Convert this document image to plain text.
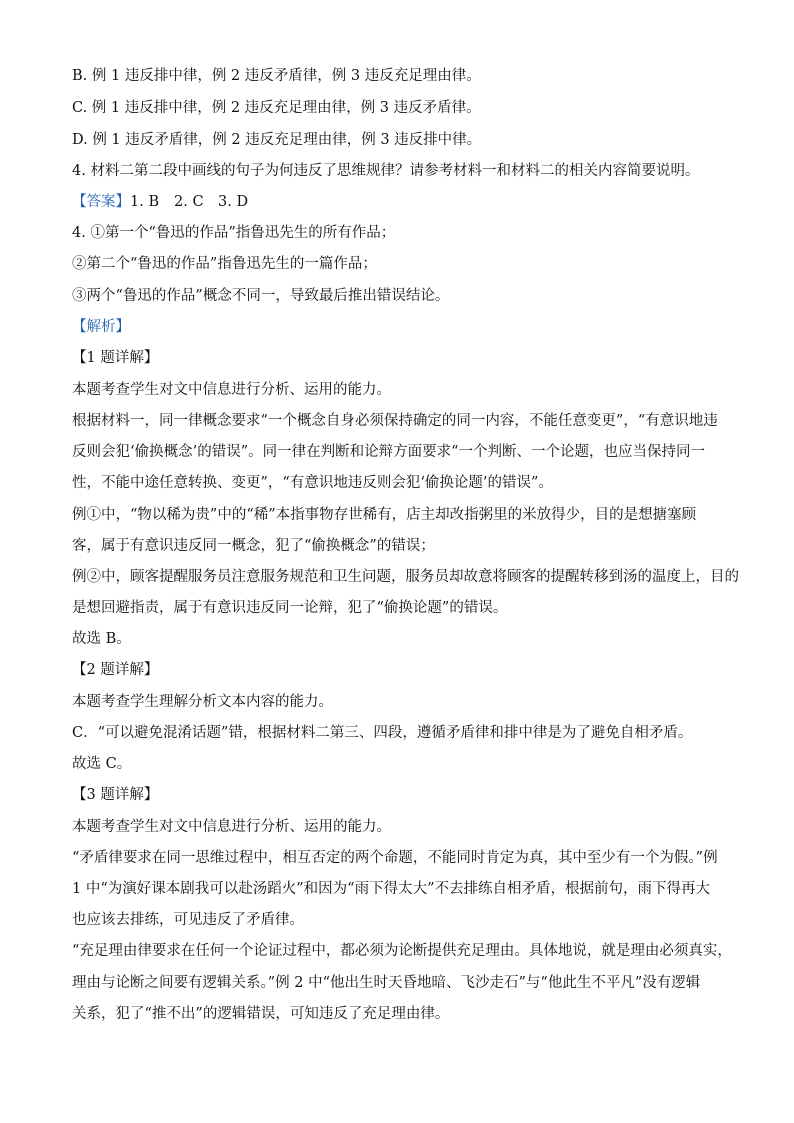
B. 例 1 违反排中律，例 2 违反矛盾律，例 3 违反充足理由律。
C. 例 1 违反排中律，例 2 违反充足理由律，例 3 违反矛盾律。
D. 例 1 违反矛盾律，例 2 违反充足理由律，例 3 违反排中律。
4. 材料二第二段中画线的句子为何违反了思维规律？请参考材料一和材料二的相关内容简要说明。
【答案】1. B 2. C 3. D
4. ①第一个“鲁迅的作品”指鲁迅先生的所有作品；
②第二个“鲁迅的作品”指鲁迅先生的一篇作品；
③两个“鲁迅的作品”概念不同一，导致最后推出错误结论。
【解析】
【1 题详解】
本题考查学生对文中信息进行分析、运用的能力。
根据材料一，同一律概念要求“一个概念自身必须保持确定的同一内容，不能任意变更”，“有意识地违
反则会犯‘偷换概念’的错误”。同一律在判断和论辩方面要求“一个判断、一个论题，也应当保持同一
性，不能中途任意转换、变更”，“有意识地违反则会犯‘偷换论题’的错误”。
例①中，“物以稀为贵”中的“稀”本指事物存世稀有，店主却改指粥里的米放得少，目的是想搪塞顾
客，属于有意识违反同一概念，犯了“偷换概念”的错误；
例②中，顾客提醒服务员注意服务规范和卫生问题，服务员却故意将顾客的提醒转移到汤的温度上，目的
是想回避指责，属于有意识违反同一论辩，犯了“偷换论题”的错误。
故选 B。
【2 题详解】
本题考查学生理解分析文本内容的能力。
C．“可以避免混淆话题”错，根据材料二第三、四段，遵循矛盾律和排中律是为了避免自相矛盾。
故选 C。
【3 题详解】
本题考查学生对文中信息进行分析、运用的能力。
“矛盾律要求在同一思维过程中，相互否定的两个命题，不能同时肯定为真，其中至少有一个为假。”例
1 中“为演好课本剧我可以赴汤蹈火”和因为“雨下得太大”不去排练自相矛盾，根据前句，雨下得再大
也应该去排练，可见违反了矛盾律。
“充足理由律要求在任何一个论证过程中，都必须为论断提供充足理由。具体地说，就是理由必须真实，
理由与论断之间要有逻辑关系。”例 2 中“他出生时天昏地暗、飞沙走石”与“他此生不平凡”没有逻辑
关系，犯了“推不出”的逻辑错误，可知违反了充足理由律。
